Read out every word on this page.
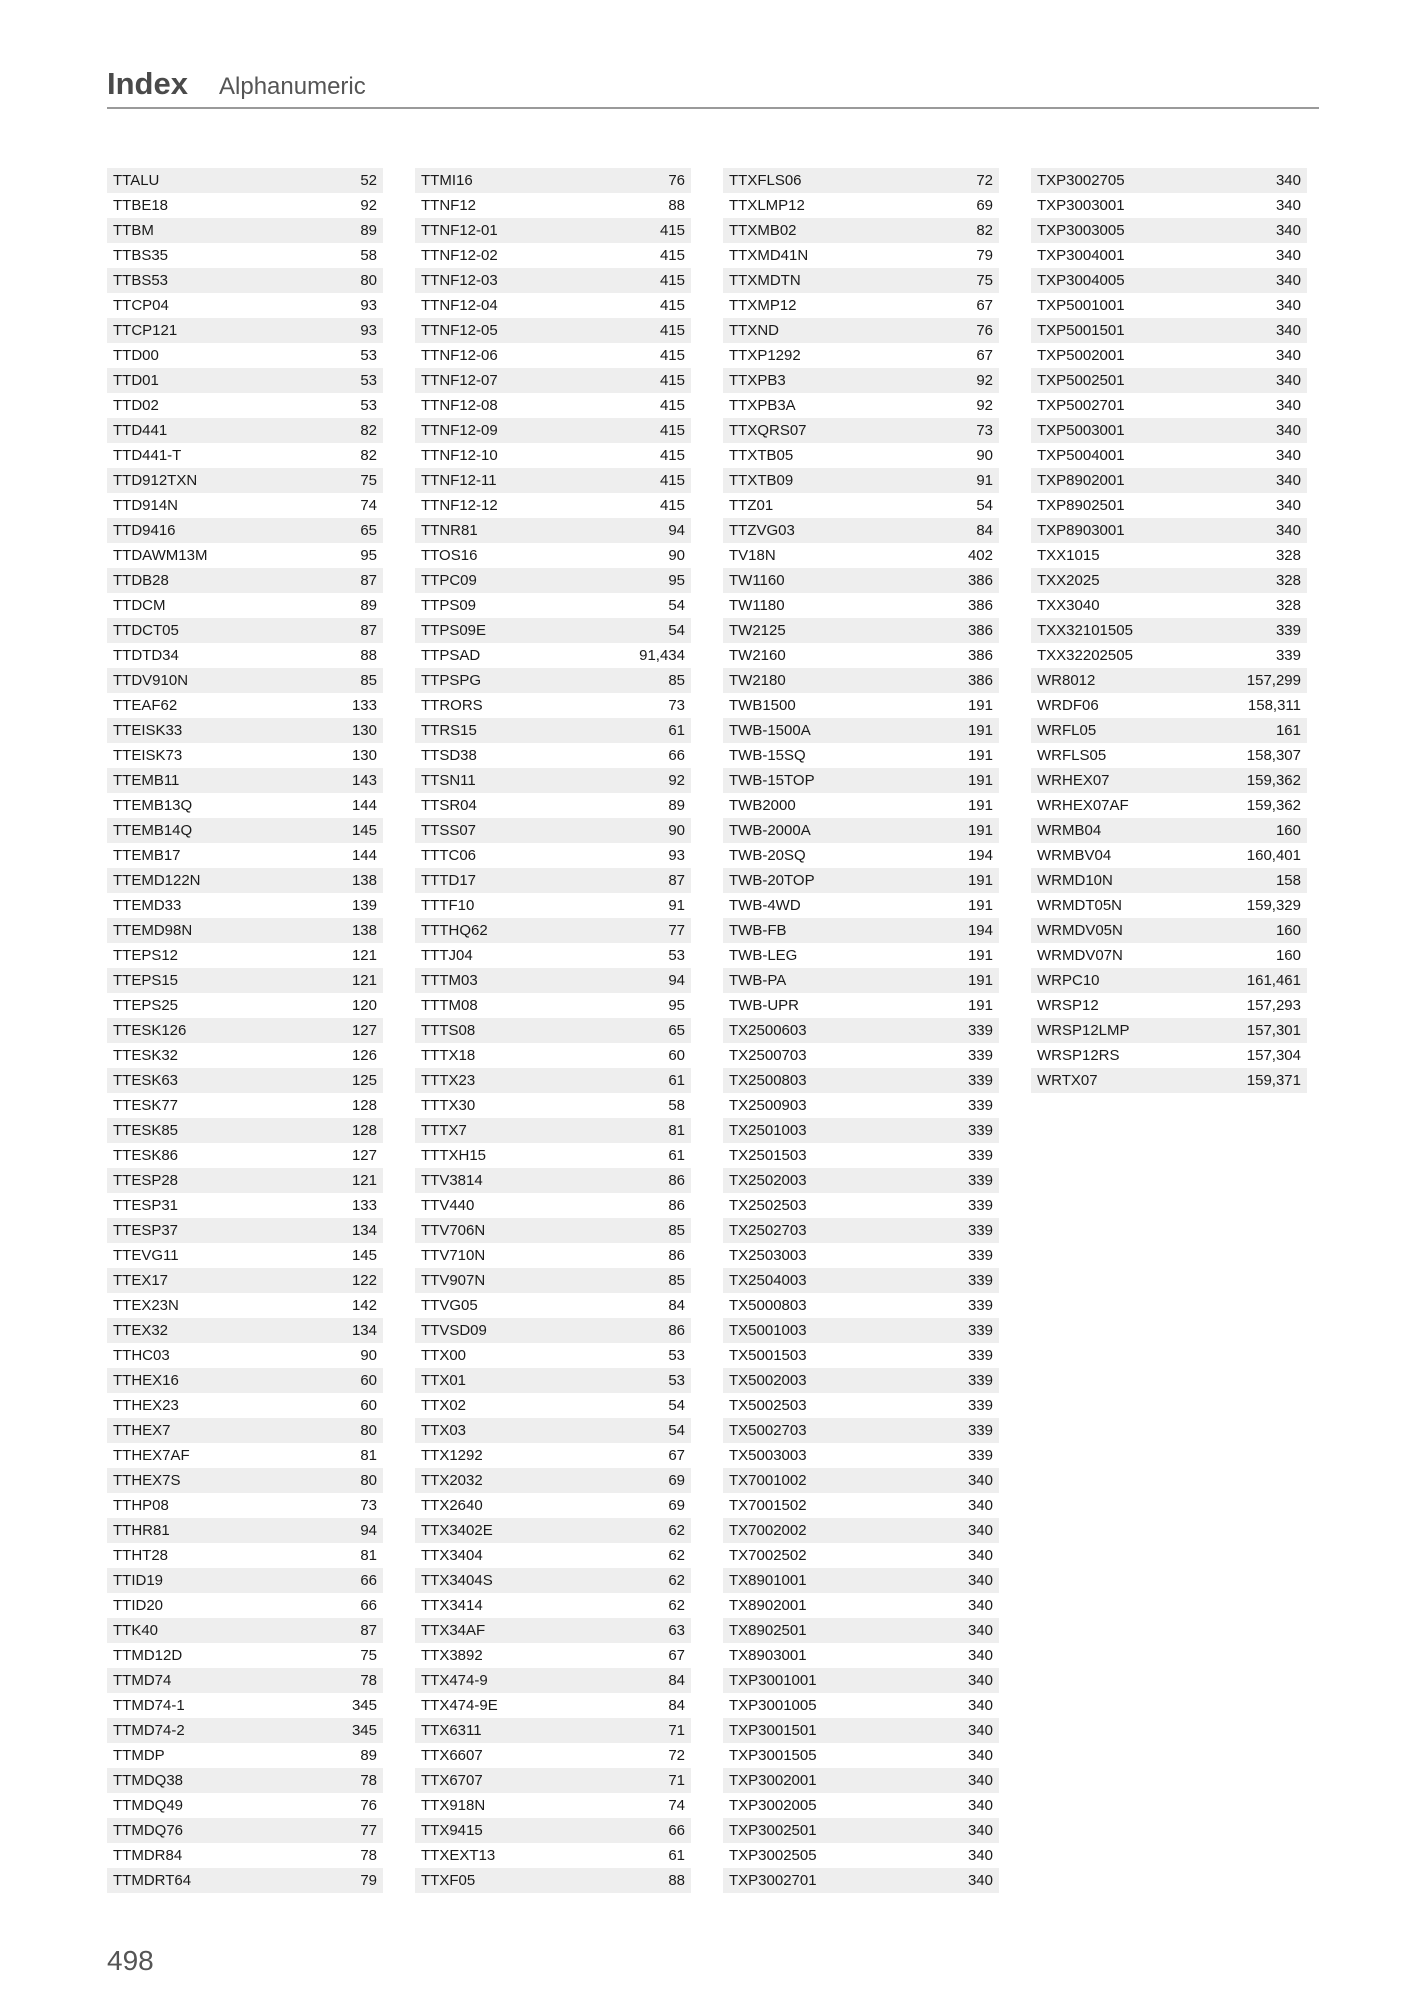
Index Alphanumeric
TTALU	52
TTBE18	92
TTBM	89
TTBS35	58
TTBS53	80
TTCP04	93
TTCP121	93
TTD00	53
TTD01	53
TTD02	53
TTD441	82
TTD441-T	82
TTD912TXN	75
TTD914N	74
TTD9416	65
TTDAWM13M	95
TTDB28	87
TTDCM	89
TTDCT05	87
TTDTD34	88
TTDV910N	85
TTEAF62	133
TTEISK33	130
TTEISK73	130
TTEMB11	143
TTEMB13Q	144
TTEMB14Q	145
TTEMB17	144
TTEMD122N	138
TTEMD33	139
TTEMD98N	138
TTEPS12	121
TTEPS15	121
TTEPS25	120
TTESK126	127
TTESK32	126
TTESK63	125
TTESK77	128
TTESK85	128
TTESK86	127
TTESP28	121
TTESP31	133
TTESP37	134
TTEVG11	145
TTEX17	122
TTEX23N	142
TTEX32	134
TTHC03	90
TTHEX16	60
TTHEX23	60
TTHEX7	80
TTHEX7AF	81
TTHEX7S	80
TTHP08	73
TTHR81	94
TTHT28	81
TTID19	66
TTID20	66
TTK40	87
TTMD12D	75
TTMD74	78
TTMD74-1	345
TTMD74-2	345
TTMDP	89
TTMDQ38	78
TTMDQ49	76
TTMDQ76	77
TTMDR84	78
TTMDRT64	79
TTMI16	76
TTNF12	88
TTNF12-01	415
TTNF12-02	415
TTNF12-03	415
TTNF12-04	415
TTNF12-05	415
TTNF12-06	415
TTNF12-07	415
TTNF12-08	415
TTNF12-09	415
TTNF12-10	415
TTNF12-11	415
TTNF12-12	415
TTNR81	94
TTOS16	90
TTPC09	95
TTPS09	54
TTPS09E	54
TTPSAD	91,434
TTPSPG	85
TTRORS	73
TTRS15	61
TTSD38	66
TTSN11	92
TTSR04	89
TTSS07	90
TTTC06	93
TTTD17	87
TTTF10	91
TTTHQ62	77
TTTJ04	53
TTTM03	94
TTTM08	95
TTTS08	65
TTTX18	60
TTTX23	61
TTTX30	58
TTTX7	81
TTTXH15	61
TTV3814	86
TTV440	86
TTV706N	85
TTV710N	86
TTV907N	85
TTVG05	84
TTVSD09	86
TTX00	53
TTX01	53
TTX02	54
TTX03	54
TTX1292	67
TTX2032	69
TTX2640	69
TTX3402E	62
TTX3404	62
TTX3404S	62
TTX3414	62
TTX34AF	63
TTX3892	67
TTX474-9	84
TTX474-9E	84
TTX6311	71
TTX6607	72
TTX6707	71
TTX918N	74
TTX9415	66
TTXEXT13	61
TTXF05	88
TTXFLS06	72
TTXLMP12	69
TTXMB02	82
TTXMD41N	79
TTXMDTN	75
TTXMP12	67
TTXND	76
TTXP1292	67
TTXPB3	92
TTXPB3A	92
TTXQRS07	73
TTXTB05	90
TTXTB09	91
TTZ01	54
TTZVG03	84
TV18N	402
TW1160	386
TW1180	386
TW2125	386
TW2160	386
TW2180	386
TWB1500	191
TWB-1500A	191
TWB-15SQ	191
TWB-15TOP	191
TWB2000	191
TWB-2000A	191
TWB-20SQ	194
TWB-20TOP	191
TWB-4WD	191
TWB-FB	194
TWB-LEG	191
TWB-PA	191
TWB-UPR	191
TX2500603	339
TX2500703	339
TX2500803	339
TX2500903	339
TX2501003	339
TX2501503	339
TX2502003	339
TX2502503	339
TX2502703	339
TX2503003	339
TX2504003	339
TX5000803	339
TX5001003	339
TX5001503	339
TX5002003	339
TX5002503	339
TX5002703	339
TX5003003	339
TX7001002	340
TX7001502	340
TX7002002	340
TX7002502	340
TX8901001	340
TX8902001	340
TX8902501	340
TX8903001	340
TXP3001001	340
TXP3001005	340
TXP3001501	340
TXP3001505	340
TXP3002001	340
TXP3002005	340
TXP3002501	340
TXP3002505	340
TXP3002701	340
TXP3002705	340
TXP3003001	340
TXP3003005	340
TXP3004001	340
TXP3004005	340
TXP5001001	340
TXP5001501	340
TXP5002001	340
TXP5002501	340
TXP5002701	340
TXP5003001	340
TXP5004001	340
TXP8902001	340
TXP8902501	340
TXP8903001	340
TXX1015	328
TXX2025	328
TXX3040	328
TXX32101505	339
TXX32202505	339
WR8012	157,299
WRDF06	158,311
WRFL05	161
WRFLS05	158,307
WRHEX07	159,362
WRHEX07AF	159,362
WRMB04	160
WRMBV04	160,401
WRMD10N	158
WRMDT05N	159,329
WRMDV05N	160
WRMDV07N	160
WRPC10	161,461
WRSP12	157,293
WRSP12LMP	157,301
WRSP12RS	157,304
WRTX07	159,371
498
